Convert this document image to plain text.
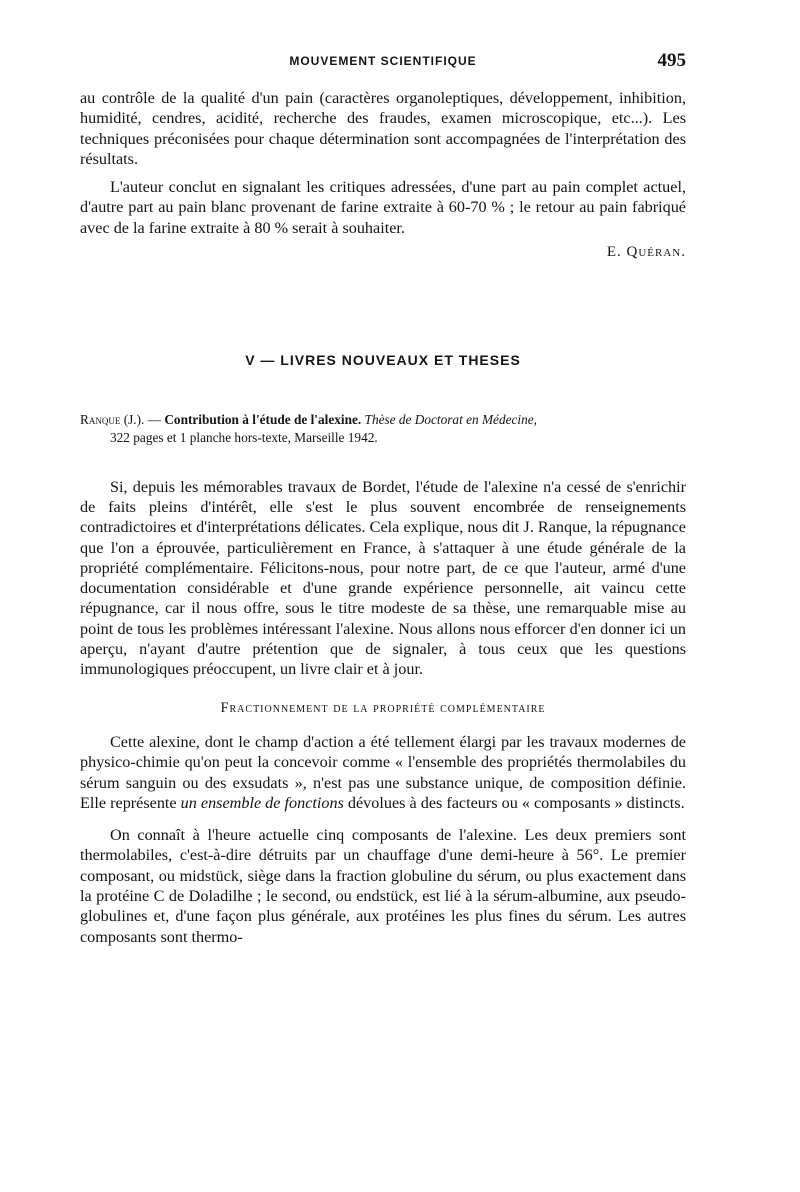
MOUVEMENT SCIENTIFIQUE	495

au contrôle de la qualité d'un pain (caractères organoleptiques, développement, inhibition, humidité, cendres, acidité, recherche des fraudes, examen microscopique, etc...). Les techniques préconisées pour chaque détermination sont accompagnées de l'interprétation des résultats.

L'auteur conclut en signalant les critiques adressées, d'une part au pain complet actuel, d'autre part au pain blanc provenant de farine extraite à 60-70 % ; le retour au pain fabriqué avec de la farine extraite à 80 % serait à souhaiter.

E. Quéran.
V — LIVRES NOUVEAUX ET THESES
Ranque (J.). — Contribution à l'étude de l'alexine. Thèse de Doctorat en Médecine,
322 pages et 1 planche hors-texte, Marseille 1942.

Si, depuis les mémorables travaux de Bordet, l'étude de l'alexine n'a cessé de s'enrichir de faits pleins d'intérêt, elle s'est le plus souvent encombrée de renseignements contradictoires et d'interprétations délicates. Cela explique, nous dit J. Ranque, la répugnance que l'on a éprouvée, particulièrement en France, à s'attaquer à une étude générale de la propriété complémentaire. Félicitons-nous, pour notre part, de ce que l'auteur, armé d'une documentation considérable et d'une grande expérience personnelle, ait vaincu cette répugnance, car il nous offre, sous le titre modeste de sa thèse, une remarquable mise au point de tous les problèmes intéressant l'alexine. Nous allons nous efforcer d'en donner ici un aperçu, n'ayant d'autre prétention que de signaler, à tous ceux que les questions immunologiques préoccupent, un livre clair et à jour.

Fractionnement de la propriété complémentaire

Cette alexine, dont le champ d'action a été tellement élargi par les travaux modernes de physico-chimie qu'on peut la concevoir comme « l'ensemble des propriétés thermolabiles du sérum sanguin ou des exsudats », n'est pas une substance unique, de composition définie. Elle représente un ensemble de fonctions dévolues à des facteurs ou « composants » distincts.

On connaît à l'heure actuelle cinq composants de l'alexine. Les deux premiers sont thermolabiles, c'est-à-dire détruits par un chauffage d'une demi-heure à 56°. Le premier composant, ou midstück, siège dans la fraction globuline du sérum, ou plus exactement dans la protéine C de Doladilhe ; le second, ou endstück, est lié à la sérum-albumine, aux pseudo-globulines et, d'une façon plus générale, aux protéines les plus fines du sérum. Les autres composants sont thermo-
